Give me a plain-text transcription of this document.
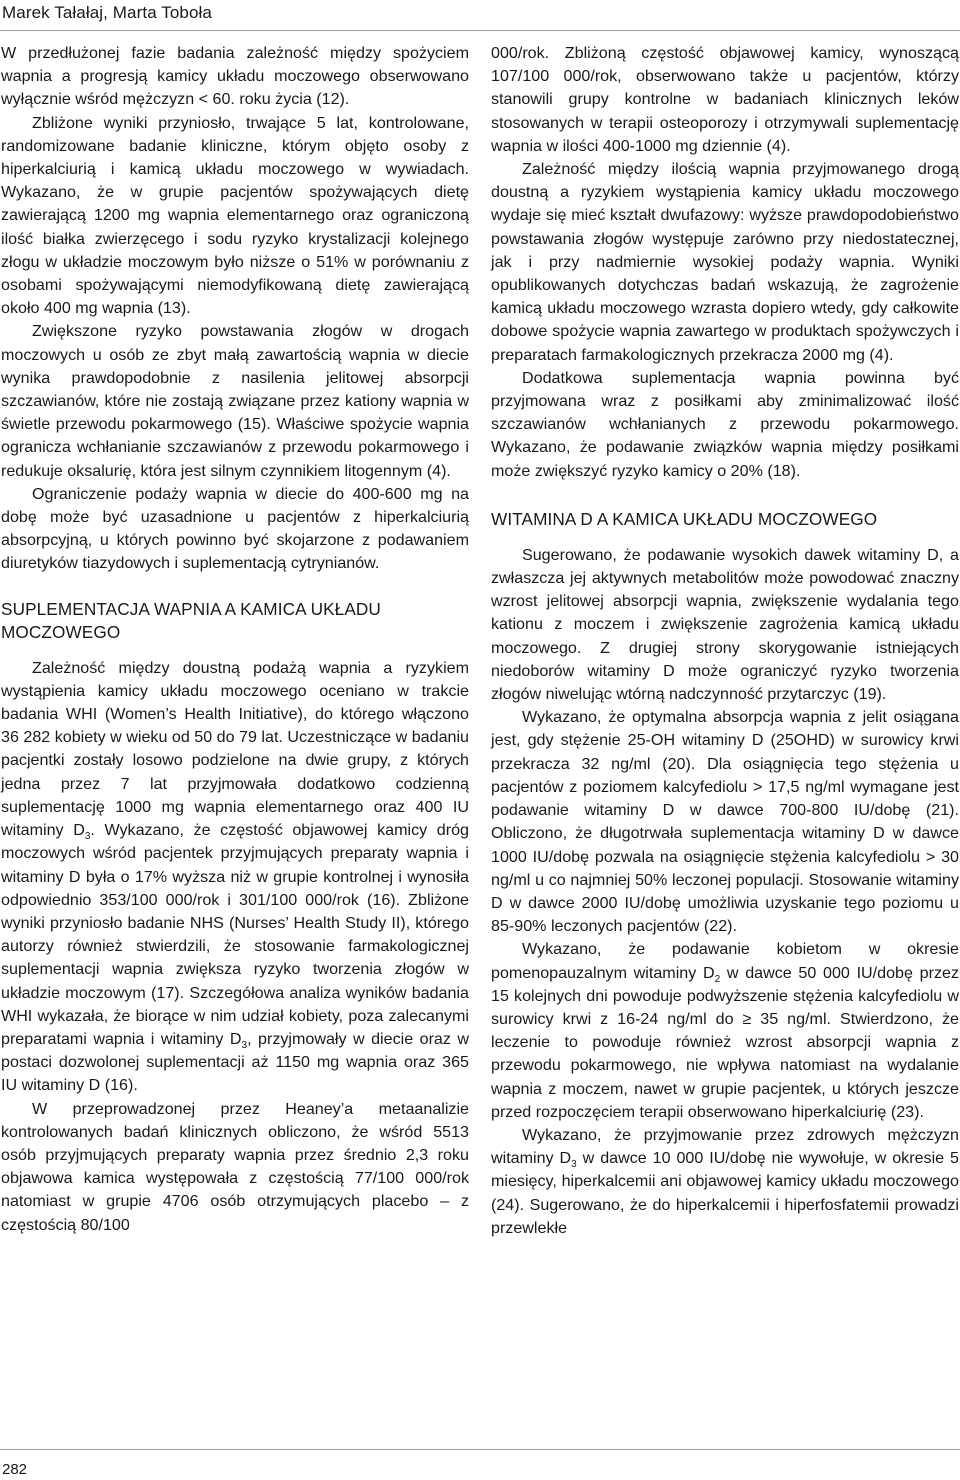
Marek Tałałaj, Marta Toboła

W przedłużonej fazie badania zależność między spożyciem wapnia a progresją kamicy układu moczowego obserwowano wyłącznie wśród mężczyzn < 60. roku życia (12).

Zbliżone wyniki przyniosło, trwające 5 lat, kontrolowane, randomizowane badanie kliniczne, którym objęto osoby z hiperkalciurią i kamicą układu moczowego w wywiadach. Wykazano, że w grupie pacjentów spożywających dietę zawierającą 1200 mg wapnia elementarnego oraz ograniczoną ilość białka zwierzęcego i sodu ryzyko krystalizacji kolejnego złogu w układzie moczowym było niższe o 51% w porównaniu z osobami spożywającymi niemodyfikowaną dietę zawierającą około 400 mg wapnia (13).

Zwiększone ryzyko powstawania złogów w drogach moczowych u osób ze zbyt małą zawartością wapnia w diecie wynika prawdopodobnie z nasilenia jelitowej absorpcji szczawianów, które nie zostają związane przez kationy wapnia w świetle przewodu pokarmowego (15). Właściwe spożycie wapnia ogranicza wchłanianie szczawianów z przewodu pokarmowego i redukuje oksalurię, która jest silnym czynnikiem litogennym (4).

Ograniczenie podaży wapnia w diecie do 400-600 mg na dobę może być uzasadnione u pacjentów z hiperkalciurią absorpcyjną, u których powinno być skojarzone z podawaniem diuretyków tiazydowych i suplementacją cytrynianów.

SUPLEMENTACJA WAPNIA A KAMICA UKŁADU MOCZOWEGO

Zależność między doustną podażą wapnia a ryzykiem wystąpienia kamicy układu moczowego oceniano w trakcie badania WHI (Women’s Health Initiative), do którego włączono 36 282 kobiety w wieku od 50 do 79 lat. Uczestniczące w badaniu pacjentki zostały losowo podzielone na dwie grupy, z których jedna przez 7 lat przyjmowała dodatkowo codzienną suplementację 1000 mg wapnia elementarnego oraz 400 IU witaminy $D_3$. Wykazano, że częstość objawowej kamicy dróg moczowych wśród pacjentek przyjmujących preparaty wapnia i witaminy D była o 17% wyższa niż w grupie kontrolnej i wynosiła odpowiednio 353/100 000/rok i 301/100 000/rok (16). Zbliżone wyniki przyniosło badanie NHS (Nurses’ Health Study II), którego autorzy również stwierdzili, że stosowanie farmakologicznej suplementacji wapnia zwiększa ryzyko tworzenia złogów w układzie moczowym (17). Szczegółowa analiza wyników badania WHI wykazała, że biorące w nim udział kobiety, poza zalecanymi preparatami wapnia i witaminy $D_3$, przyjmowały w diecie oraz w postaci dozwolonej suplementacji aż 1150 mg wapnia oraz 365 IU witaminy D (16).

W przeprowadzonej przez Heaney’a metaanalizie kontrolowanych badań klinicznych obliczono, że wśród 5513 osób przyjmujących preparaty wapnia przez średnio 2,3 roku objawowa kamica występowała z częstością 77/100 000/rok natomiast w grupie 4706 osób otrzymujących placebo – z częstością 80/100

000/rok. Zbliżoną częstość objawowej kamicy, wynoszącą 107/100 000/rok, obserwowano także u pacjentów, którzy stanowili grupy kontrolne w badaniach klinicznych leków stosowanych w terapii osteoporozy i otrzymywali suplementację wapnia w ilości 400-1000 mg dziennie (4).

Zależność między ilością wapnia przyjmowanego drogą doustną a ryzykiem wystąpienia kamicy układu moczowego wydaje się mieć kształt dwufazowy: wyższe prawdopodobieństwo powstawania złogów występuje zarówno przy niedostatecznej, jak i przy nadmiernie wysokiej podaży wapnia. Wyniki opublikowanych dotychczas badań wskazują, że zagrożenie kamicą układu moczowego wzrasta dopiero wtedy, gdy całkowite dobowe spożycie wapnia zawartego w produktach spożywczych i preparatach farmakologicznych przekracza 2000 mg (4).

Dodatkowa suplementacja wapnia powinna być przyjmowana wraz z posiłkami aby zminimalizować ilość szczawianów wchłanianych z przewodu pokarmowego. Wykazano, że podawanie związków wapnia między posiłkami może zwiększyć ryzyko kamicy o 20% (18).

WITAMINA D A KAMICA UKŁADU MOCZOWEGO

Sugerowano, że podawanie wysokich dawek witaminy D, a zwłaszcza jej aktywnych metabolitów może powodować znaczny wzrost jelitowej absorpcji wapnia, zwiększenie wydalania tego kationu z moczem i zwiększenie zagrożenia kamicą układu moczowego. Z drugiej strony skorygowanie istniejących niedoborów witaminy D może ograniczyć ryzyko tworzenia złogów niwelując wtórną nadczynność przytarczyc (19).

Wykazano, że optymalna absorpcja wapnia z jelit osiągana jest, gdy stężenie 25-OH witaminy D (25OHD) w surowicy krwi przekracza 32 ng/ml (20). Dla osiągnięcia tego stężenia u pacjentów z poziomem kalcyfediolu > 17,5 ng/ml wymagane jest podawanie witaminy D w dawce 700-800 IU/dobę (21). Obliczono, że długotrwała suplementacja witaminy D w dawce 1000 IU/dobę pozwala na osiągnięcie stężenia kalcyfediolu > 30 ng/ml u co najmniej 50% leczonej populacji. Stosowanie witaminy D w dawce 2000 IU/dobę umożliwia uzyskanie tego poziomu u 85-90% leczonych pacjentów (22).

Wykazano, że podawanie kobietom w okresie pomenopauzalnym witaminy $D_2$ w dawce 50 000 IU/dobę przez 15 kolejnych dni powoduje podwyższenie stężenia kalcyfediolu w surowicy krwi z 16-24 ng/ml do ≥ 35 ng/ml. Stwierdzono, że leczenie to powoduje również wzrost absorpcji wapnia z przewodu pokarmowego, nie wpływa natomiast na wydalanie wapnia z moczem, nawet w grupie pacjentek, u których jeszcze przed rozpoczęciem terapii obserwowano hiperkalciurię (23).

Wykazano, że przyjmowanie przez zdrowych mężczyzn witaminy $D_3$ w dawce 10 000 IU/dobę nie wywołuje, w okresie 5 miesięcy, hiperkalcemii ani objawowej kamicy układu moczowego (24). Sugerowano, że do hiperkalcemii i hiperfosfatemii prowadzi przewlekłe

282
